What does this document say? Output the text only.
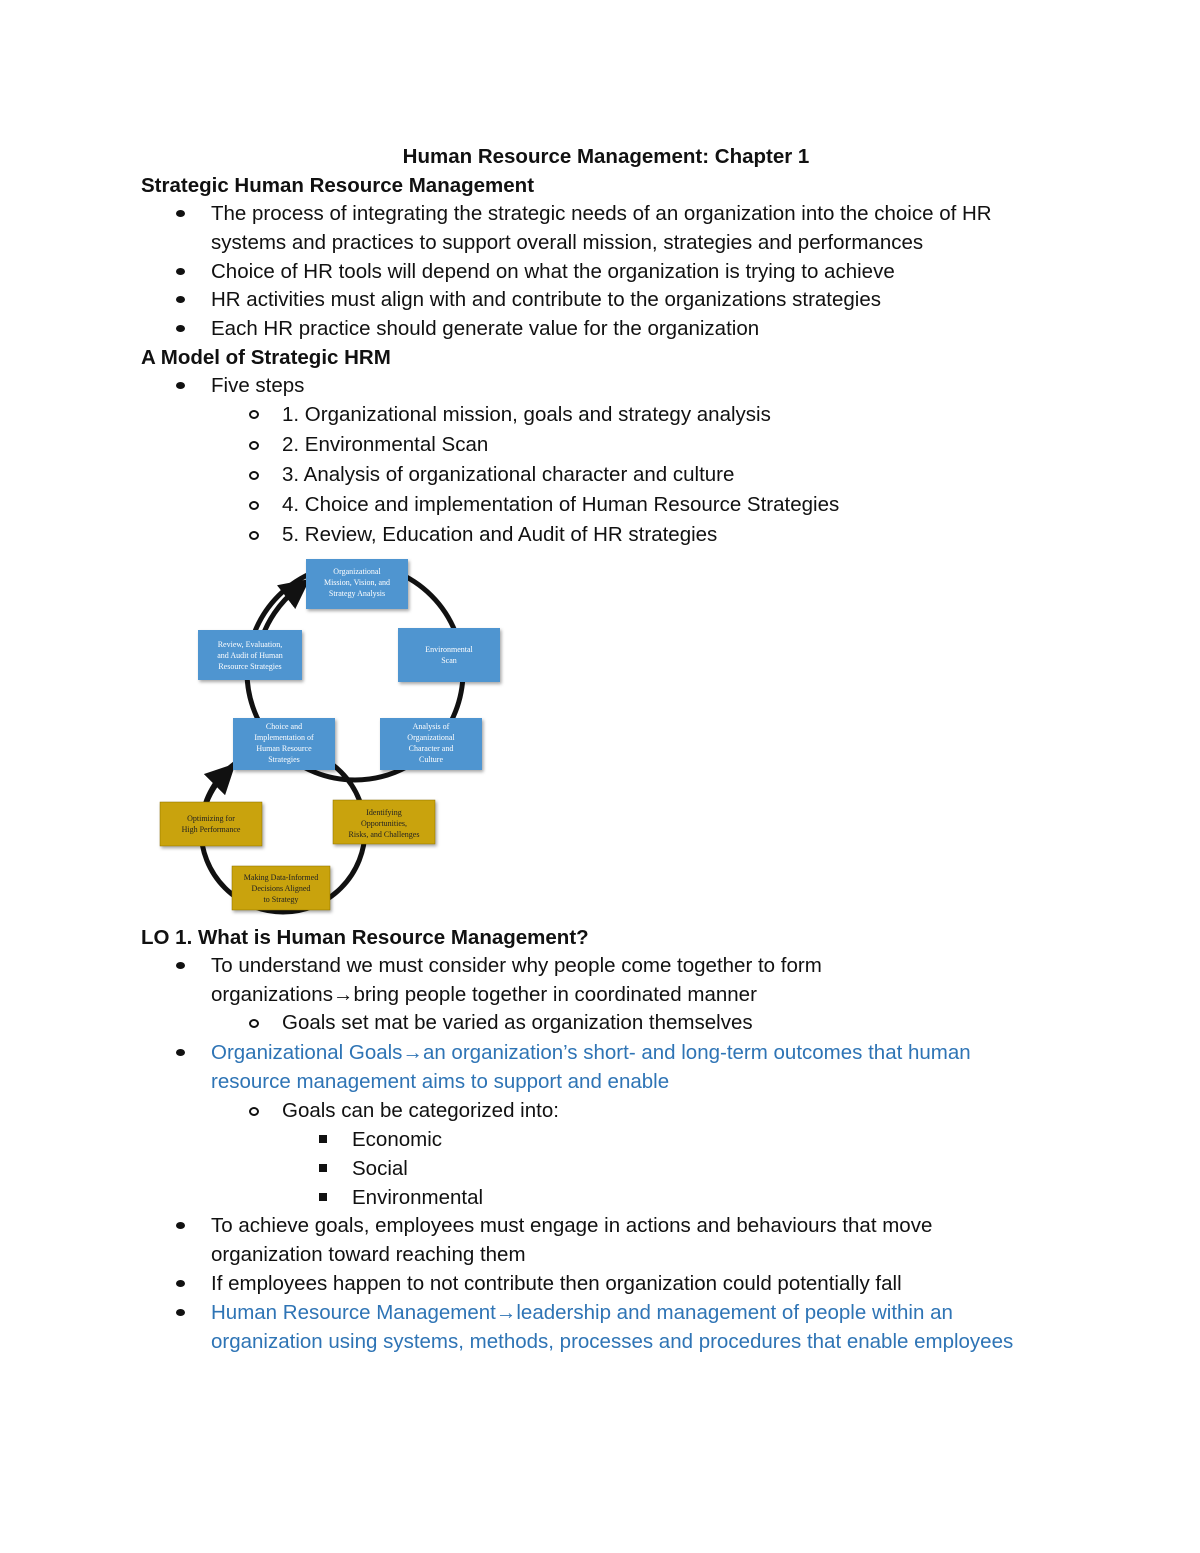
Human Resource Management: Chapter 1
Strategic Human Resource Management
The process of integrating the strategic needs of an organization into the choice of HR
systems and practices to support overall mission, strategies and performances
Choice of HR tools will depend on what the organization is trying to achieve
HR activities must align with and contribute to the organizations strategies
Each HR practice should generate value for the organization
A Model of Strategic HRM
Five steps
1. Organizational mission, goals and strategy analysis
2. Environmental Scan
3. Analysis of organizational character and culture
4. Choice and implementation of Human Resource Strategies
5. Review, Education and Audit of HR strategies
Organizational Mission, Vision, and Strategy Analysis
Environmental Scan
Analysis of Organizational Character and Culture
Choice and Implementation of Human Resource Strategies
Review, Evaluation, and Audit of Human Resource Strategies
Identifying Opportunities, Risks, and Challenges
Making Data-Informed Decisions Aligned to Strategy
Optimizing for High Performance
LO 1. What is Human Resource Management?
To understand we must consider why people come together to form
organizations→bring people together in coordinated manner
Goals set mat be varied as organization themselves
Organizational Goals→an organization’s short- and long-term outcomes that human
resource management aims to support and enable
Goals can be categorized into:
Economic
Social
Environmental
To achieve goals, employees must engage in actions and behaviours that move
organization toward reaching them
If employees happen to not contribute then organization could potentially fall
Human Resource Management→leadership and management of people within an
organization using systems, methods, processes and procedures that enable employees
